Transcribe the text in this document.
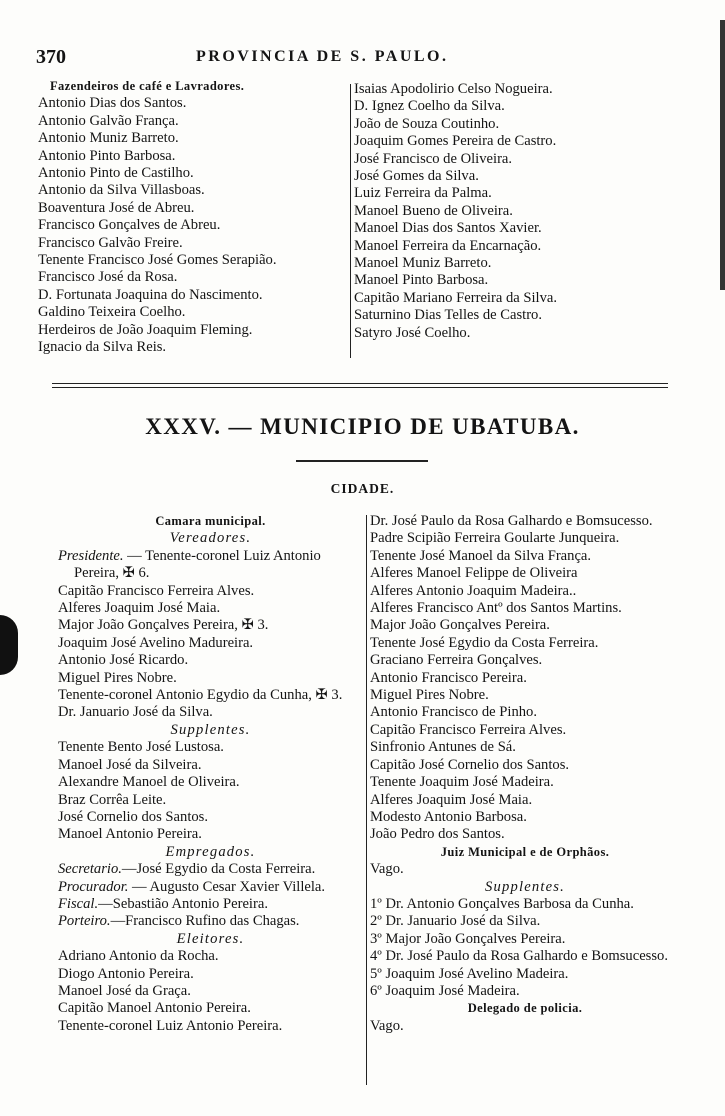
370	PROVINCIA DE S. PAULO.
Fazendeiros de café e Lavradores.
Antonio Dias dos Santos.
Antonio Galvão França.
Antonio Muniz Barreto.
Antonio Pinto Barbosa.
Antonio Pinto de Castilho.
Antonio da Silva Villasboas.
Boaventura José de Abreu.
Francisco Gonçalves de Abreu.
Francisco Galvão Freire.
Tenente Francisco José Gomes Serapião.
Francisco José da Rosa.
D. Fortunata Joaquina do Nascimento.
Galdino Teixeira Coelho.
Herdeiros de João Joaquim Fleming.
Ignacio da Silva Reis.
Isaias Apodolirio Celso Nogueira.
D. Ignez Coelho da Silva.
João de Souza Coutinho.
Joaquim Gomes Pereira de Castro.
José Francisco de Oliveira.
José Gomes da Silva.
Luiz Ferreira da Palma.
Manoel Bueno de Oliveira.
Manoel Dias dos Santos Xavier.
Manoel Ferreira da Encarnação.
Manoel Muniz Barreto.
Manoel Pinto Barbosa.
Capitão Mariano Ferreira da Silva.
Saturnino Dias Telles de Castro.
Satyro José Coelho.
XXXV. — MUNICIPIO DE UBATUBA.
CIDADE.
Camara municipal.
Vereadores.
Presidente. — Tenente-coronel Luiz Antonio Pereira, ✠ 6.
Capitão Francisco Ferreira Alves.
Alferes Joaquim José Maia.
Major João Gonçalves Pereira, ✠ 3.
Joaquim José Avelino Madureira.
Antonio José Ricardo.
Miguel Pires Nobre.
Tenente-coronel Antonio Egydio da Cunha, ✠ 3.
Dr. Januario José da Silva.
Supplentes.
Tenente Bento José Lustosa.
Manoel José da Silveira.
Alexandre Manoel de Oliveira.
Braz Corrêa Leite.
José Cornelio dos Santos.
Manoel Antonio Pereira.
Empregados.
Secretario.—José Egydio da Costa Ferreira.
Procurador. — Augusto Cesar Xavier Villela.
Fiscal.—Sebastião Antonio Pereira.
Porteiro.—Francisco Rufino das Chagas.
Eleitores.
Adriano Antonio da Rocha.
Diogo Antonio Pereira.
Manoel José da Graça.
Capitão Manoel Antonio Pereira.
Tenente-coronel Luiz Antonio Pereira.
Dr. José Paulo da Rosa Galhardo e Bomsucesso.
Padre Scipião Ferreira Goularte Junqueira.
Tenente José Manoel da Silva França.
Alferes Manoel Felippe de Oliveira
Alferes Antonio Joaquim Madeira..
Alferes Francisco Antº dos Santos Martins.
Major João Gonçalves Pereira.
Tenente José Egydio da Costa Ferreira.
Graciano Ferreira Gonçalves.
Antonio Francisco Pereira.
Miguel Pires Nobre.
Antonio Francisco de Pinho.
Capitão Francisco Ferreira Alves.
Sinfronio Antunes de Sá.
Capitão José Cornelio dos Santos.
Tenente Joaquim José Madeira.
Alferes Joaquim José Maia.
Modesto Antonio Barbosa.
João Pedro dos Santos.
Juiz Municipal e de Orphãos.
Vago.
Supplentes.
1º Dr. Antonio Gonçalves Barbosa da Cunha.
2º Dr. Januario José da Silva.
3º Major João Gonçalves Pereira.
4º Dr. José Paulo da Rosa Galhardo e Bomsucesso.
5º Joaquim José Avelino Madeira.
6º Joaquim José Madeira.
Delegado de policia.
Vago.
